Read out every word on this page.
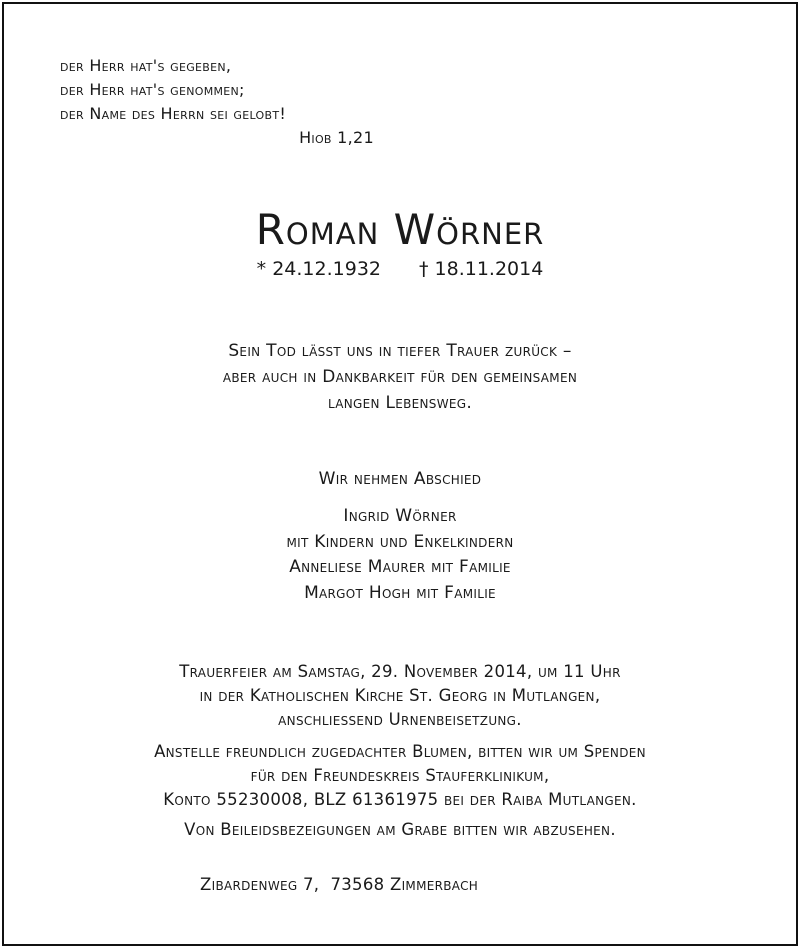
der Herr hat's gegeben,
der Herr hat's genommen;
der Name des Herrn sei gelobt!
Hiob 1,21
Roman Wörner
* 24.12.1932 † 18.11.2014
Sein Tod lässt uns in tiefer Trauer zurück –
aber auch in Dankbarkeit für den gemeinsamen
langen Lebensweg.
Wir nehmen Abschied
Ingrid Wörner
mit Kindern und Enkelkindern
Anneliese Maurer mit Familie
Margot Hogh mit Familie
Trauerfeier am Samstag, 29. November 2014, um 11 Uhr
in der Katholischen Kirche St. Georg in Mutlangen,
anschliessend Urnenbeisetzung.
Anstelle freundlich zugedachter Blumen, bitten wir um Spenden
für den Freundeskreis Stauferklinikum,
Konto 55230008, BLZ 61361975 bei der Raiba Mutlangen.
Von Beileidsbezeigungen am Grabe bitten wir abzusehen.
Zibardenweg 7,  73568 Zimmerbach
